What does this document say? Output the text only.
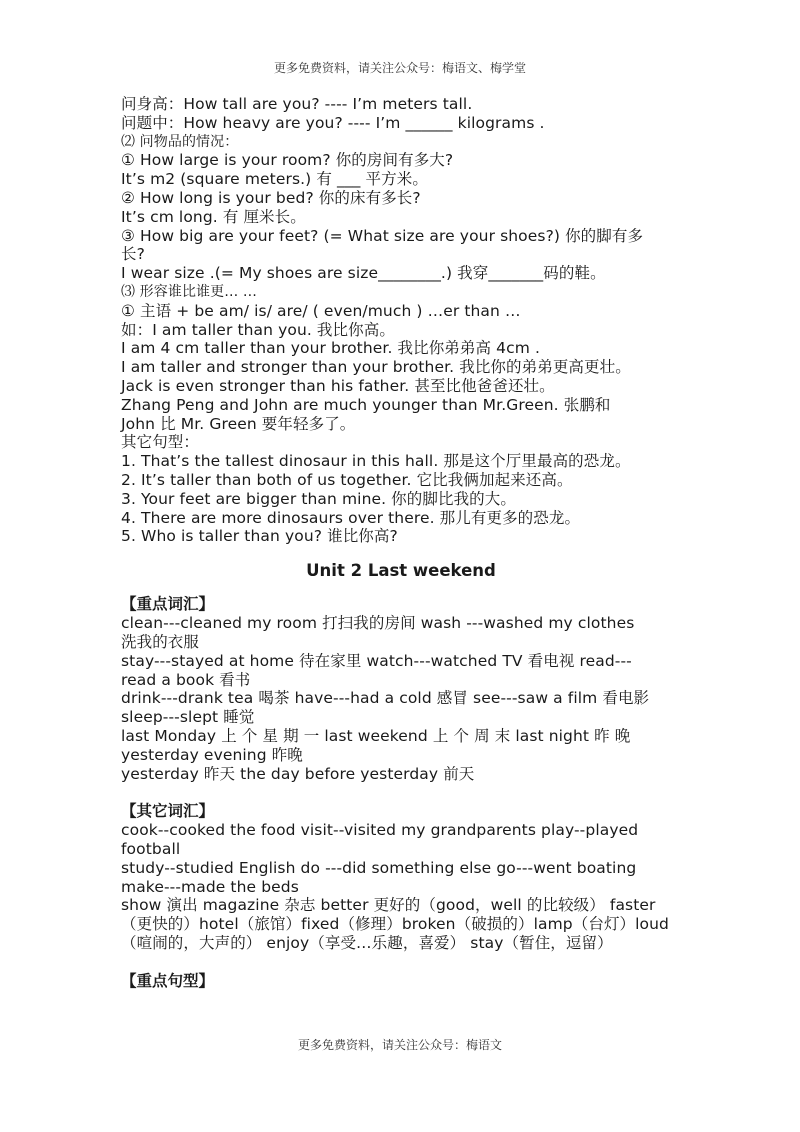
更多免费资料，请关注公众号：梅语文、梅学堂
问身高：How tall are you? ---- I’m meters tall.
问题中：How heavy are you? ---- I’m ______ kilograms .
⑵ 问物品的情况：
① How large is your room? 你的房间有多大?
It’s m2 (square meters.) 有 ___ 平方米。
② How long is your bed? 你的床有多长?
It’s cm long. 有 厘米长。
③ How big are your feet? (= What size are your shoes?) 你的脚有多
长?
I wear size .(= My shoes are size________.) 我穿_______码的鞋。
⑶ 形容谁比谁更… …
① 主语 + be am/ is/ are/ ( even/much ) …er than …
如：I am taller than you. 我比你高。
I am 4 cm taller than your brother. 我比你弟弟高 4cm .
I am taller and stronger than your brother. 我比你的弟弟更高更壮。
Jack is even stronger than his father. 甚至比他爸爸还壮。
Zhang Peng and John are much younger than Mr.Green. 张鹏和
John 比 Mr. Green 要年轻多了。
其它句型：
1. That’s the tallest dinosaur in this hall. 那是这个厅里最高的恐龙。
2. It’s taller than both of us together. 它比我俩加起来还高。
3. Your feet are bigger than mine. 你的脚比我的大。
4. There are more dinosaurs over there. 那儿有更多的恐龙。
5. Who is taller than you? 谁比你高?
Unit 2 Last weekend
【重点词汇】
clean---cleaned my room 打扫我的房间 wash ---washed my clothes
洗我的衣服
stay---stayed at home 待在家里 watch---watched TV 看电视 read---
read a book 看书
drink---drank tea 喝茶 have---had a cold 感冒 see---saw a film 看电影
sleep---slept 睡觉
last Monday 上 个 星 期 一 last weekend 上 个 周 末 last night 昨 晚
yesterday evening 昨晚
yesterday 昨天 the day before yesterday 前天
【其它词汇】
cook--cooked the food visit--visited my grandparents play--played
football
study--studied English do ---did something else go---went boating
make---made the beds
show 演出 magazine 杂志 better 更好的（good，well 的比较级） faster
（更快的）hotel（旅馆）fixed（修理）broken（破损的）lamp（台灯）loud
（喧闹的，大声的） enjoy（享受…乐趣，喜爱） stay（暂住，逗留）
【重点句型】
更多免费资料，请关注公众号：梅语文
